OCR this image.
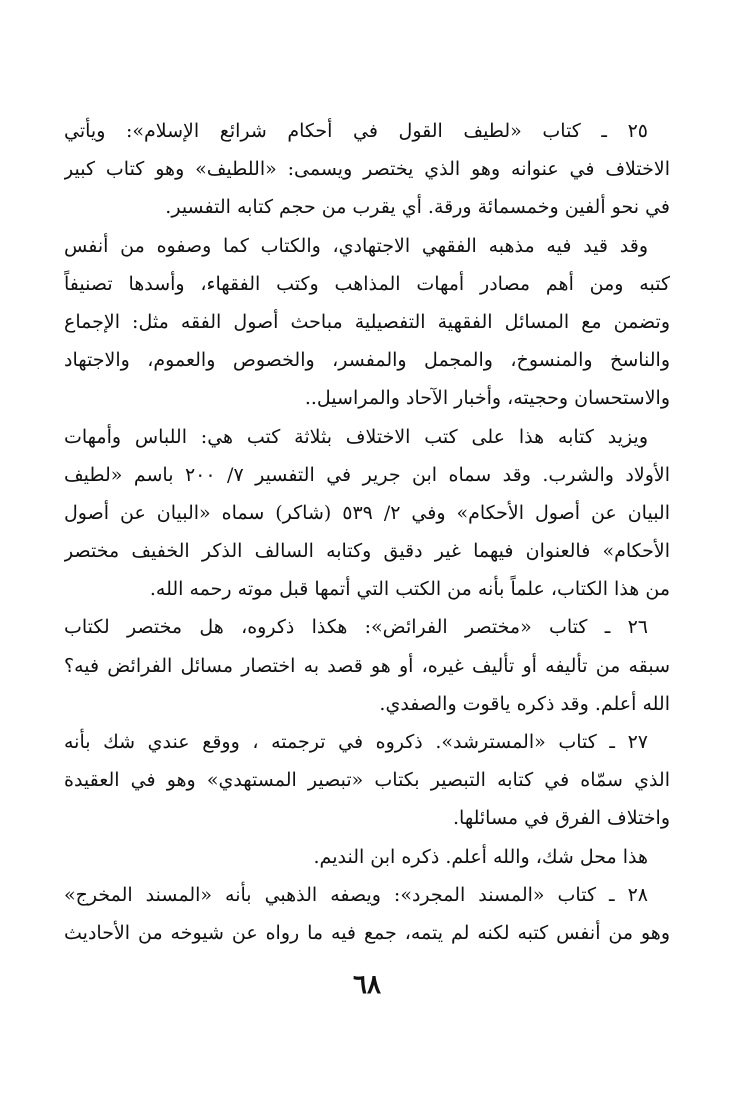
٢٥ ـ كتاب «لطيف القول في أحكام شرائع الإسلام»: ويأتي
الاختلاف في عنوانه وهو الذي يختصر ويسمى: «اللطيف» وهو كتاب كبير
في نحو ألفين وخمسمائة ورقة. أي يقرب من حجم كتابه التفسير.
وقد قيد فيه مذهبه الفقهي الاجتهادي، والكتاب كما وصفوه من أنفس
كتبه ومن أهم مصادر أمهات المذاهب وكتب الفقهاء، وأسدها تصنيفاً
وتضمن مع المسائل الفقهية التفصيلية مباحث أصول الفقه مثل: الإجماع
والناسخ والمنسوخ، والمجمل والمفسر، والخصوص والعموم، والاجتهاد
والاستحسان وحجيته، وأخبار الآحاد والمراسيل..
ويزيد كتابه هذا على كتب الاختلاف بثلاثة كتب هي: اللباس وأمهات
الأولاد والشرب. وقد سماه ابن جرير في التفسير ٧/ ٢٠٠ باسم «لطيف
البيان عن أصول الأحكام» وفي ٢/ ٥٣٩ (شاكر) سماه «البيان عن أصول
الأحكام» فالعنوان فيهما غير دقيق وكتابه السالف الذكر الخفيف مختصر
من هذا الكتاب، علماً بأنه من الكتب التي أتمها قبل موته رحمه الله.
٢٦ ـ كتاب «مختصر الفرائض»: هكذا ذكروه، هل مختصر لكتاب
سبقه من تأليفه أو تأليف غيره، أو هو قصد به اختصار مسائل الفرائض فيه؟
الله أعلم. وقد ذكره ياقوت والصفدي.
٢٧ ـ كتاب «المسترشد». ذكروه في ترجمته ، ووقع عندي شك بأنه
الذي سمّاه في كتابه التبصير بكتاب «تبصير المستهدي» وهو في العقيدة
واختلاف الفرق في مسائلها.
هذا محل شك، والله أعلم. ذكره ابن النديم.
٢٨ ـ كتاب «المسند المجرد»: ويصفه الذهبي بأنه «المسند المخرج»
وهو من أنفس كتبه لكنه لم يتمه، جمع فيه ما رواه عن شيوخه من الأحاديث
٦٨
